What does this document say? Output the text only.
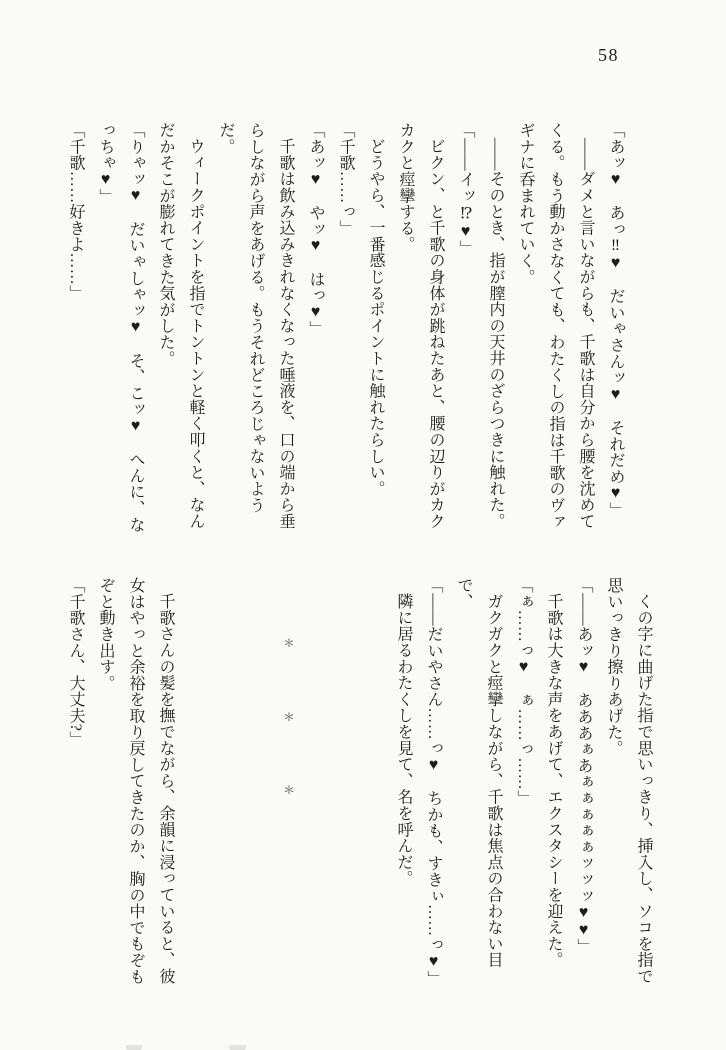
58

「あッ♥　あっ‼♥　だいゃさんッ♥　それだめ♥」

――ダメと言いながらも、千歌は自分から腰を沈めてくる。もう動かさなくても、わたくしの指は千歌のヴァギナに呑まれていく。

――そのとき、指が膣内の天井のざらつきに触れた。

「――イッ⁉♥」

ビクン、と千歌の身体が跳ねたあと、腰の辺りがカクカクと痙攣する。

どうやら、一番感じるポイントに触れたらしい。

「千歌……っ」

「あッ♥　やッ♥　はっ♥」

千歌は飲み込みきれなくなった唾液を、口の端から垂らしながら声をあげる。もうそれどころじゃないようだ。

ウィークポイントを指でトントンと軽く叩くと、なんだかそこが膨れてきた気がした。

「りゃッ♥　だいゃしゃッ♥　そ、こッ♥　へんに、なっちゃ♥」

「千歌……好きよ……」

くの字に曲げた指で思いっきり、挿入し、ソコを指で思いっきり擦りあげた。

「――あッ♥　あああぁあぁぁぁぁぁッッッ♥♥」

千歌は大きな声をあげて、エクスタシーを迎えた。

「ぁ……っ♥　ぁ……っ……」

ガクガクと痙攣しながら、千歌は焦点の合わない目で、

「――だいやさん……っ♥　ちかも、すきぃ……っ♥」

隣に居るわたくしを見て、名を呼んだ。

＊ ＊ ＊

千歌さんの髪を撫でながら、余韻に浸っていると、彼女はやっと余裕を取り戻してきたのか、胸の中でもぞもぞと動き出す。

「千歌さん、大丈夫?」
